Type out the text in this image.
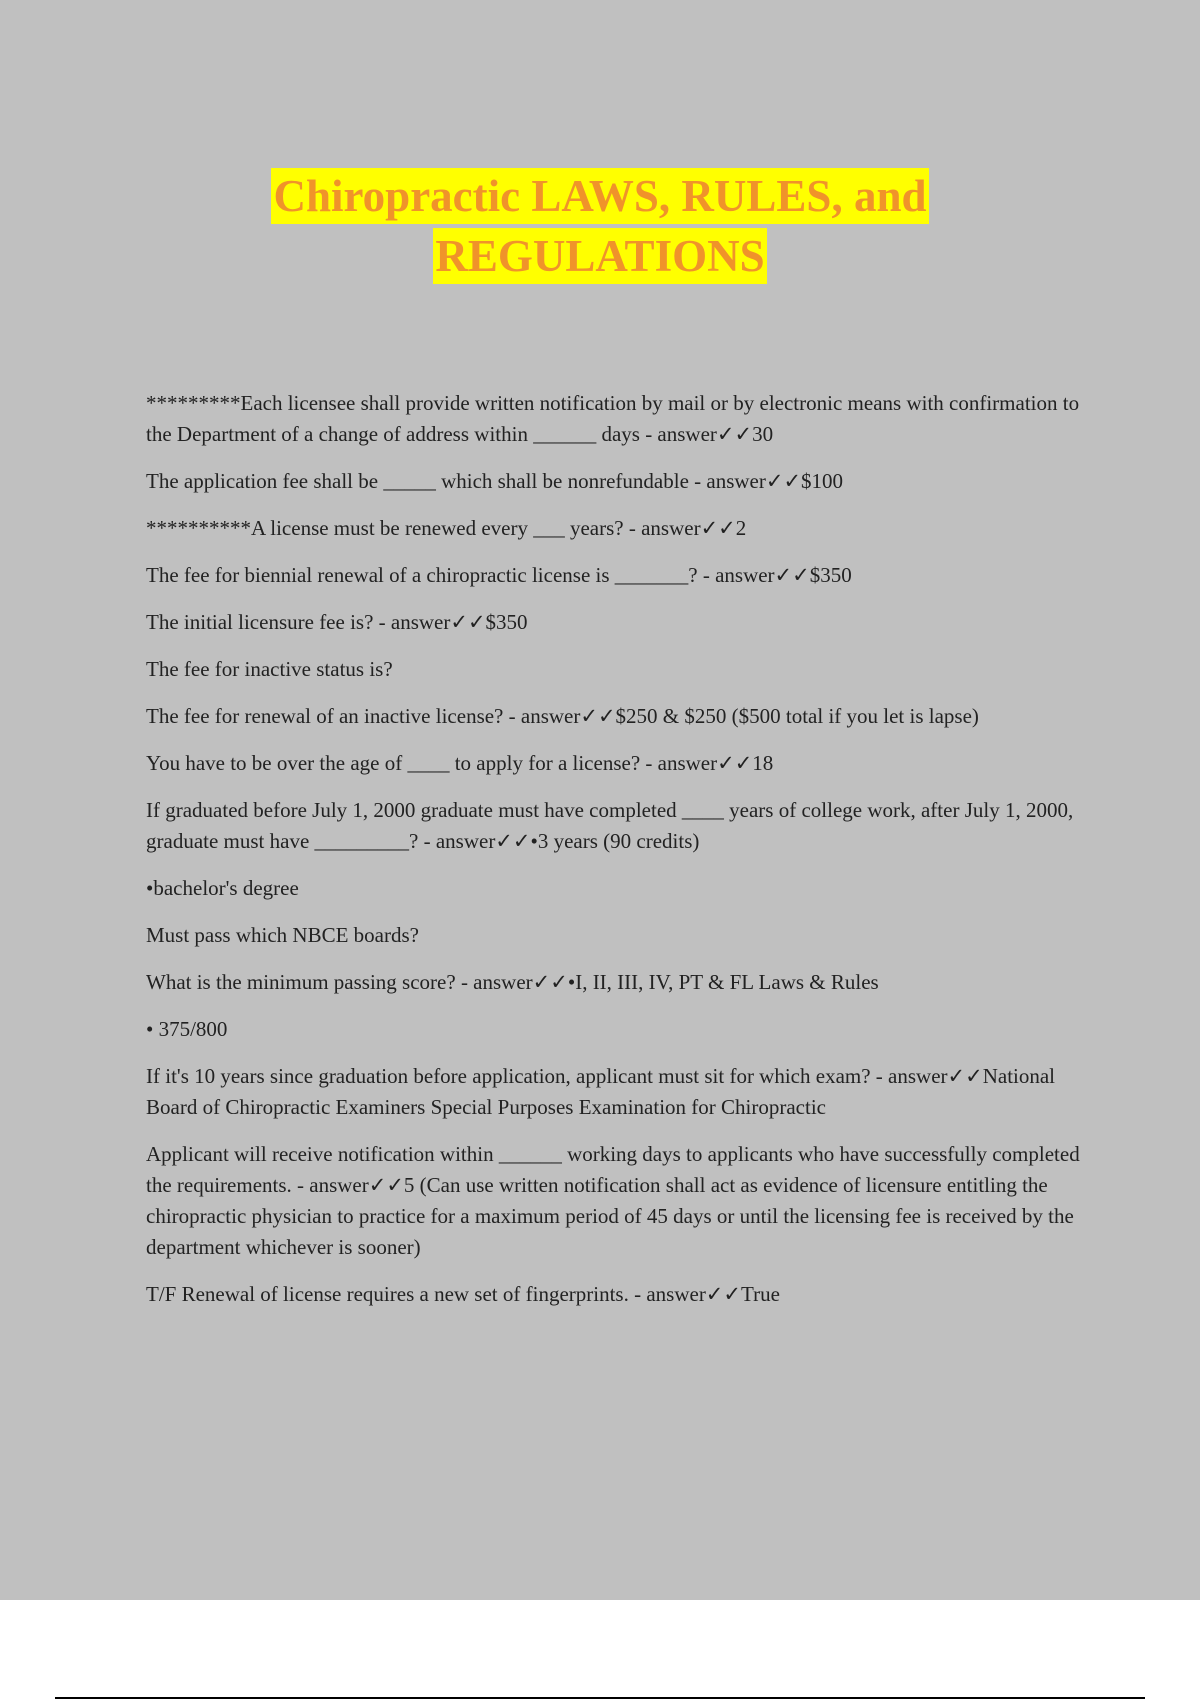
Chiropractic LAWS, RULES, and
REGULATIONS

*********Each licensee shall provide written notification by mail or by electronic means with confirmation to the Department of a change of address within ______ days - answer✓✓30

The application fee shall be _____ which shall be nonrefundable - answer✓✓$100

**********A license must be renewed every ___ years? - answer✓✓2

The fee for biennial renewal of a chiropractic license is _______? - answer✓✓$350

The initial licensure fee is? - answer✓✓$350

The fee for inactive status is?

The fee for renewal of an inactive license? - answer✓✓$250 & $250 ($500 total if you let is lapse)

You have to be over the age of ____ to apply for a license? - answer✓✓18

If graduated before July 1, 2000 graduate must have completed ____ years of college work, after July 1, 2000, graduate must have _________? - answer✓✓•3 years (90 credits)

•bachelor's degree

Must pass which NBCE boards?

What is the minimum passing score? - answer✓✓•I, II, III, IV, PT & FL Laws & Rules

• 375/800

If it's 10 years since graduation before application, applicant must sit for which exam? - answer✓✓National Board of Chiropractic Examiners Special Purposes Examination for Chiropractic

Applicant will receive notification within ______ working days to applicants who have successfully completed the requirements. - answer✓✓5 (Can use written notification shall act as evidence of licensure entitling the chiropractic physician to practice for a maximum period of 45 days or until the licensing fee is received by the department whichever is sooner)

T/F Renewal of license requires a new set of fingerprints. - answer✓✓True
